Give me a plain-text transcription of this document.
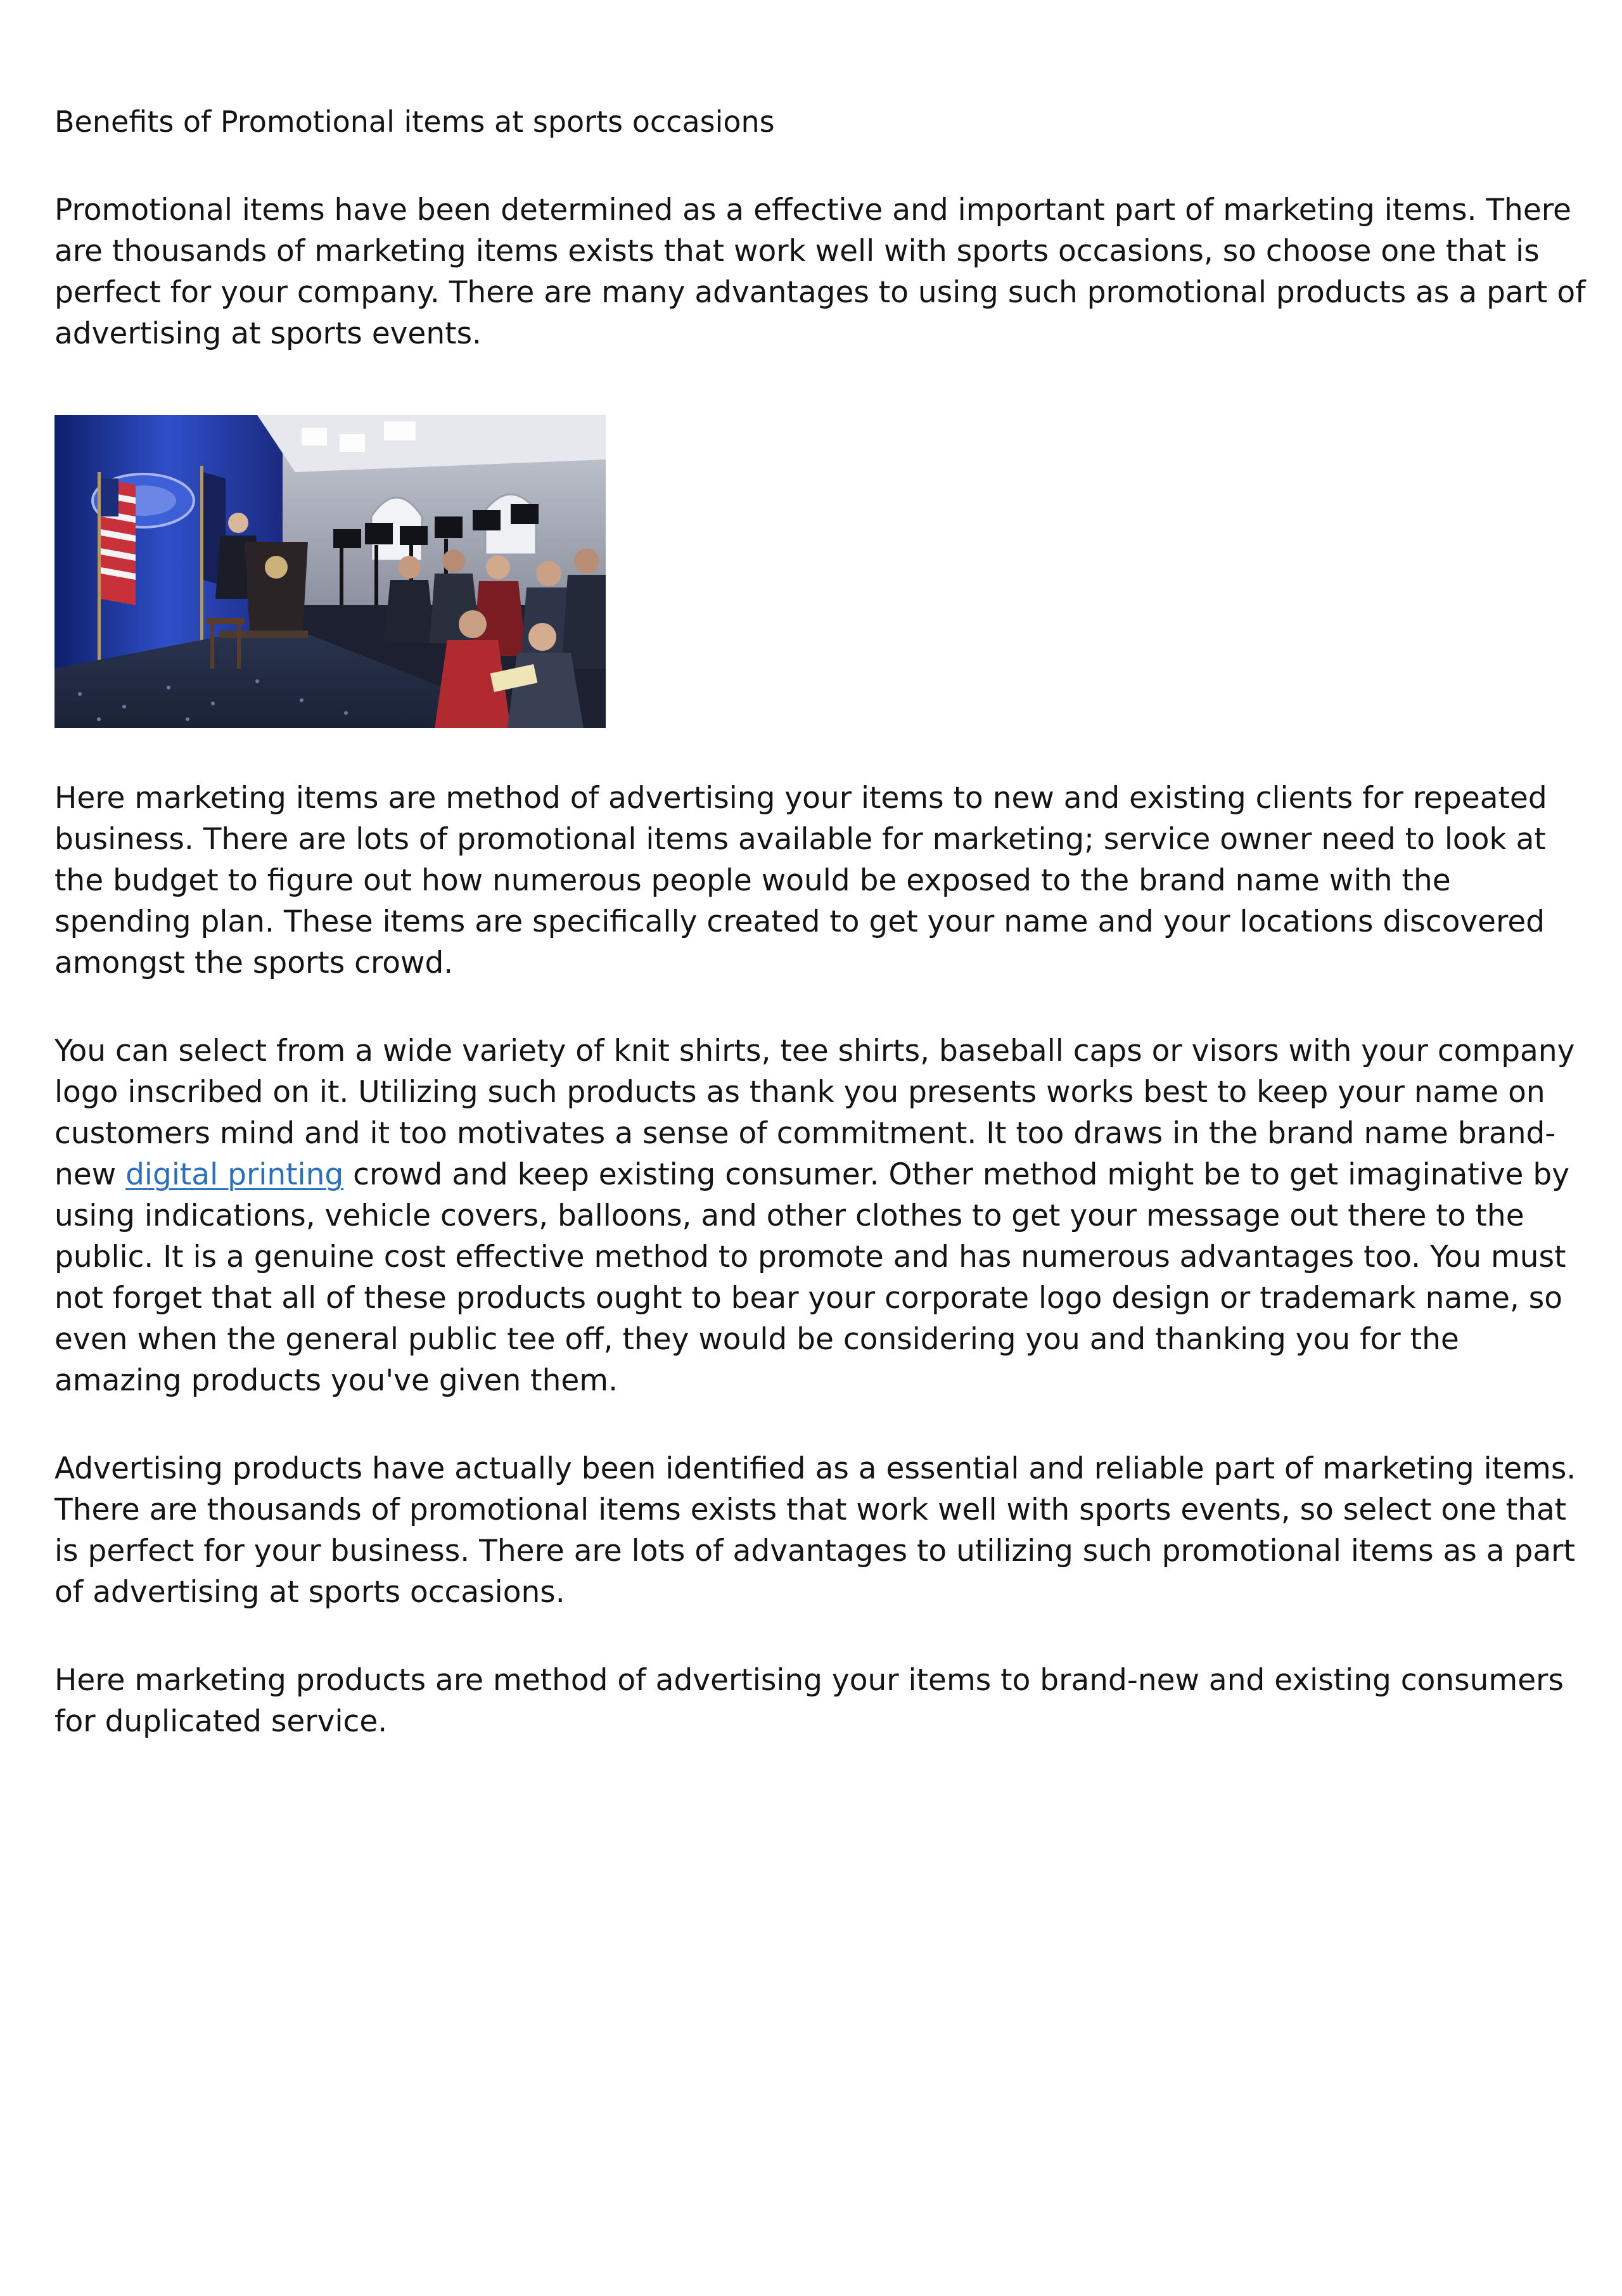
Benefits of Promotional items at sports occasions

Promotional items have been determined as a effective and important part of marketing items. There are thousands of marketing items exists that work well with sports occasions, so choose one that is perfect for your company. There are many advantages to using such promotional products as a part of advertising at sports events.

Here marketing items are method of advertising your items to new and existing clients for repeated business. There are lots of promotional items available for marketing; service owner need to look at the budget to figure out how numerous people would be exposed to the brand name with the spending plan. These items are specifically created to get your name and your locations discovered amongst the sports crowd.

You can select from a wide variety of knit shirts, tee shirts, baseball caps or visors with your company logo inscribed on it. Utilizing such products as thank you presents works best to keep your name on customers mind and it too motivates a sense of commitment. It too draws in the brand name brand-new digital printing crowd and keep existing consumer. Other method might be to get imaginative by using indications, vehicle covers, balloons, and other clothes to get your message out there to the public. It is a genuine cost effective method to promote and has numerous advantages too. You must not forget that all of these products ought to bear your corporate logo design or trademark name, so even when the general public tee off, they would be considering you and thanking you for the amazing products you've given them.

Advertising products have actually been identified as a essential and reliable part of marketing items. There are thousands of promotional items exists that work well with sports events, so select one that is perfect for your business. There are lots of advantages to utilizing such promotional items as a part of advertising at sports occasions.

Here marketing products are method of advertising your items to brand-new and existing consumers for duplicated service.
